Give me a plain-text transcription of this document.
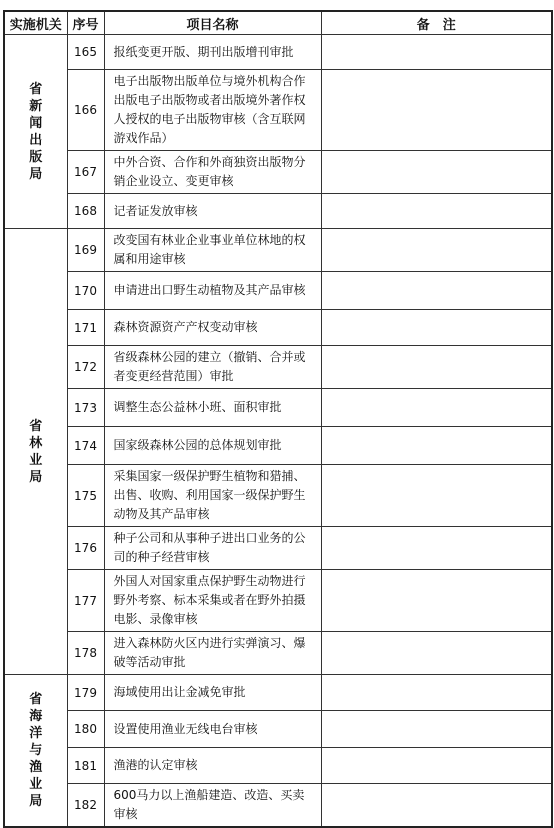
实施机关	序号	项目名称	备　注
省新闻出版局	165	报纸变更开版、期刊出版增刊审批	
	166	电子出版物出版单位与境外机构合作出版电子出版物或者出版境外著作权人授权的电子出版物审核（含互联网游戏作品）	
	167	中外合资、合作和外商独资出版物分销企业设立、变更审核	
	168	记者证发放审核	
省林业局	169	改变国有林业企业事业单位林地的权属和用途审核	
	170	申请进出口野生动植物及其产品审核	
	171	森林资源资产产权变动审核	
	172	省级森林公园的建立（撤销、合并或者变更经营范围）审批	
	173	调整生态公益林小班、面积审批	
	174	国家级森林公园的总体规划审批	
	175	采集国家一级保护野生植物和猎捕、出售、收购、利用国家一级保护野生动物及其产品审核	
	176	种子公司和从事种子进出口业务的公司的种子经营审核	
	177	外国人对国家重点保护野生动物进行野外考察、标本采集或者在野外拍摄电影、录像审核	
	178	进入森林防火区内进行实弹演习、爆破等活动审批	
省海洋与渔业局	179	海域使用出让金减免审批	
	180	设置使用渔业无线电台审核	
	181	渔港的认定审核	
	182	600马力以上渔船建造、改造、买卖审核	
